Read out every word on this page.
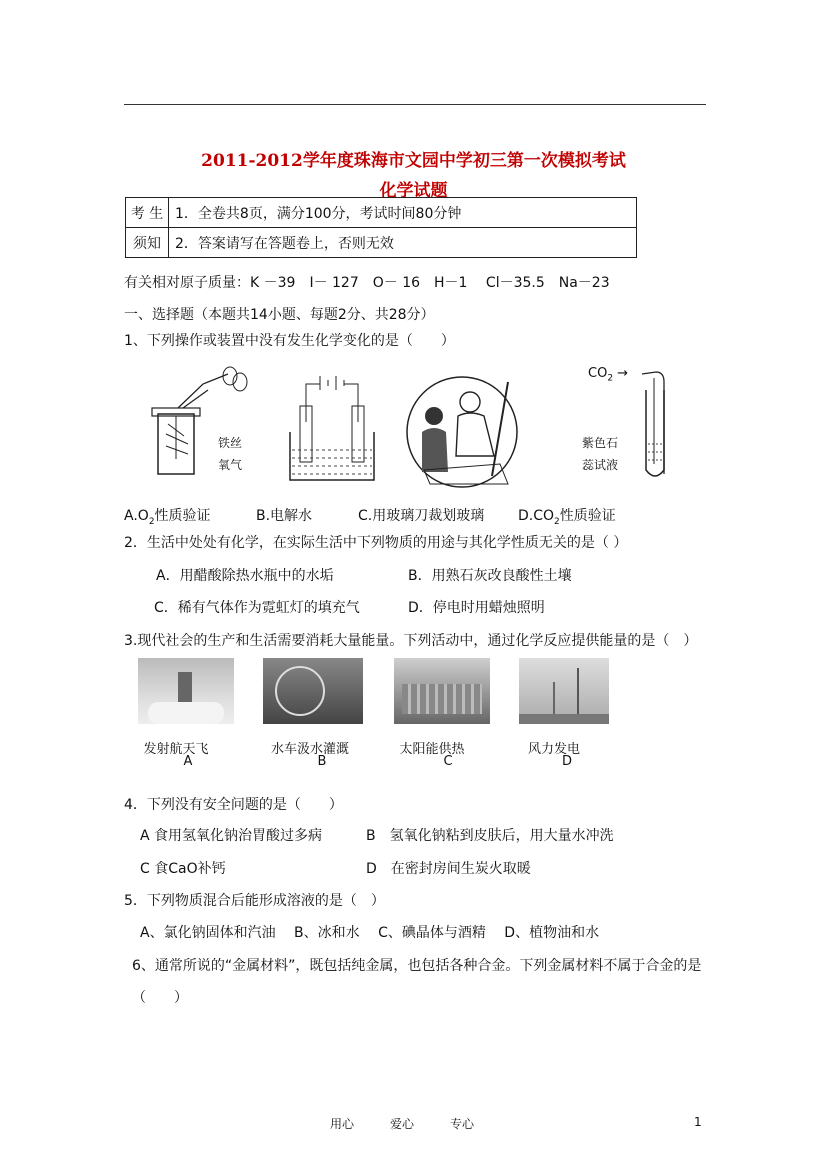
2011-2012学年度珠海市文园中学初三第一次模拟考试
化学试题
考 生	1．全卷共8页，满分100分，考试时间80分钟
须知	2．答案请写在答题卷上，否则无效
有关相对原子质量：K －39　I－ 127　O－ 16　H－1　 Cl－35.5　Na－23
一、选择题（本题共14小题、每题2分、共28分）
1、下列操作或装置中没有发生化学变化的是（　　）
铁丝
氧气
$CO_2$ →
紫色石
蕊试液
$A.O_2$性质验证	B.电解水	C.用玻璃刀裁划玻璃 $D.CO_2$性质验证
2．生活中处处有化学，在实际生活中下列物质的用途与其化学性质无关的是（ ）
A．用醋酸除热水瓶中的水垢	B．用熟石灰改良酸性土壤
C．稀有气体作为霓虹灯的填充气	D．停电时用蜡烛照明
3.现代社会的生产和生活需要消耗大量能量。下列活动中，通过化学反应提供能量的是（　）
发射航天飞	水车汲水灌溉	太阳能供热	风力发电
A	B	C	D
4．下列没有安全问题的是（　　）
A 食用氢氧化钠治胃酸过多病	B　氢氧化钠粘到皮肤后，用大量水冲洗
C 食CaO补钙	D　在密封房间生炭火取暖
5．下列物质混合后能形成溶液的是（　）
A、氯化钠固体和汽油　 B、冰和水　 C、碘晶体与酒精　 D、植物油和水
6、通常所说的“金属材料”，既包括纯金属，也包括各种合金。下列金属材料不属于合金的是
（　　）
用心　　　爱心　　　专心	1
